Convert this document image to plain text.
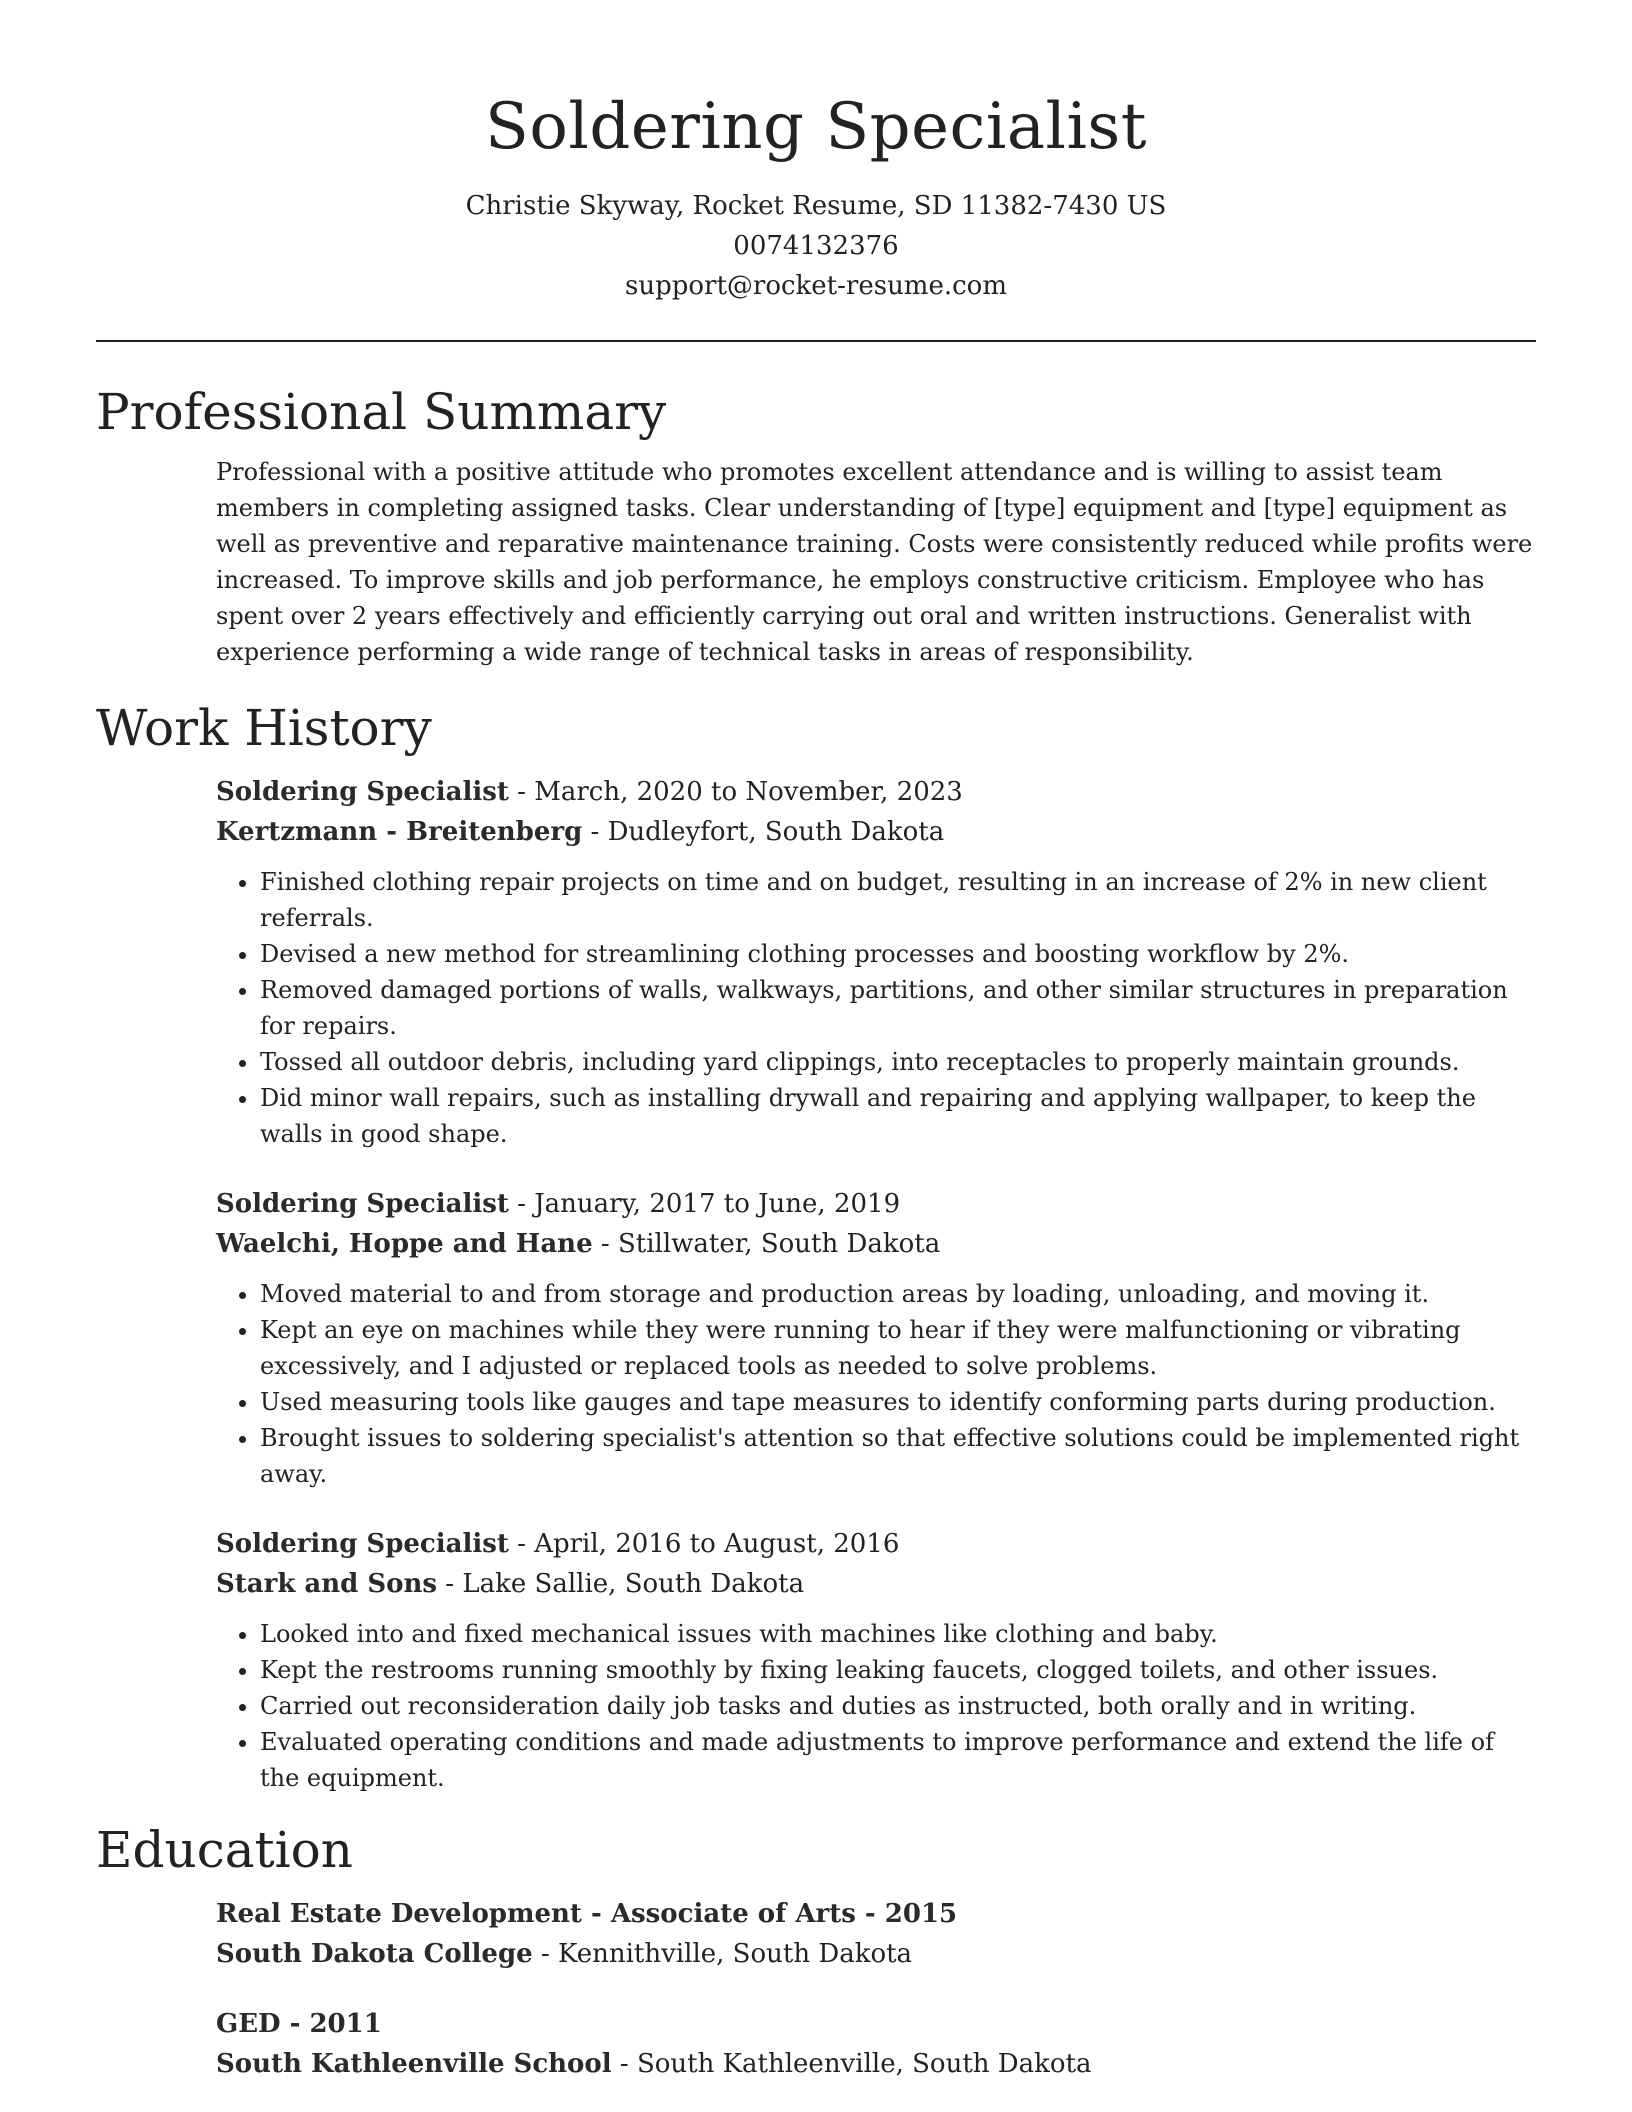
Soldering Specialist

Christie Skyway, Rocket Resume, SD 11382-7430 US

0074132376

support@rocket-resume.com

Professional Summary

Professional with a positive attitude who promotes excellent attendance and is willing to assist team members in completing assigned tasks. Clear understanding of [type] equipment and [type] equipment as well as preventive and reparative maintenance training. Costs were consistently reduced while profits were increased. To improve skills and job performance, he employs constructive criticism. Employee who has spent over 2 years effectively and efficiently carrying out oral and written instructions. Generalist with experience performing a wide range of technical tasks in areas of responsibility.

Work History

Soldering Specialist - March, 2020 to November, 2023

Kertzmann - Breitenberg - Dudleyfort, South Dakota

• Finished clothing repair projects on time and on budget, resulting in an increase of 2% in new client referrals.
• Devised a new method for streamlining clothing processes and boosting workflow by 2%.
• Removed damaged portions of walls, walkways, partitions, and other similar structures in preparation for repairs.
• Tossed all outdoor debris, including yard clippings, into receptacles to properly maintain grounds.
• Did minor wall repairs, such as installing drywall and repairing and applying wallpaper, to keep the walls in good shape.

Soldering Specialist - January, 2017 to June, 2019

Waelchi, Hoppe and Hane - Stillwater, South Dakota

• Moved material to and from storage and production areas by loading, unloading, and moving it.
• Kept an eye on machines while they were running to hear if they were malfunctioning or vibrating excessively, and I adjusted or replaced tools as needed to solve problems.
• Used measuring tools like gauges and tape measures to identify conforming parts during production.
• Brought issues to soldering specialist's attention so that effective solutions could be implemented right away.

Soldering Specialist - April, 2016 to August, 2016

Stark and Sons - Lake Sallie, South Dakota

• Looked into and fixed mechanical issues with machines like clothing and baby.
• Kept the restrooms running smoothly by fixing leaking faucets, clogged toilets, and other issues.
• Carried out reconsideration daily job tasks and duties as instructed, both orally and in writing.
• Evaluated operating conditions and made adjustments to improve performance and extend the life of the equipment.
Education

Real Estate Development - Associate of Arts - 2015

South Dakota College - Kennithville, South Dakota

GED - 2011

South Kathleenville School - South Kathleenville, South Dakota
